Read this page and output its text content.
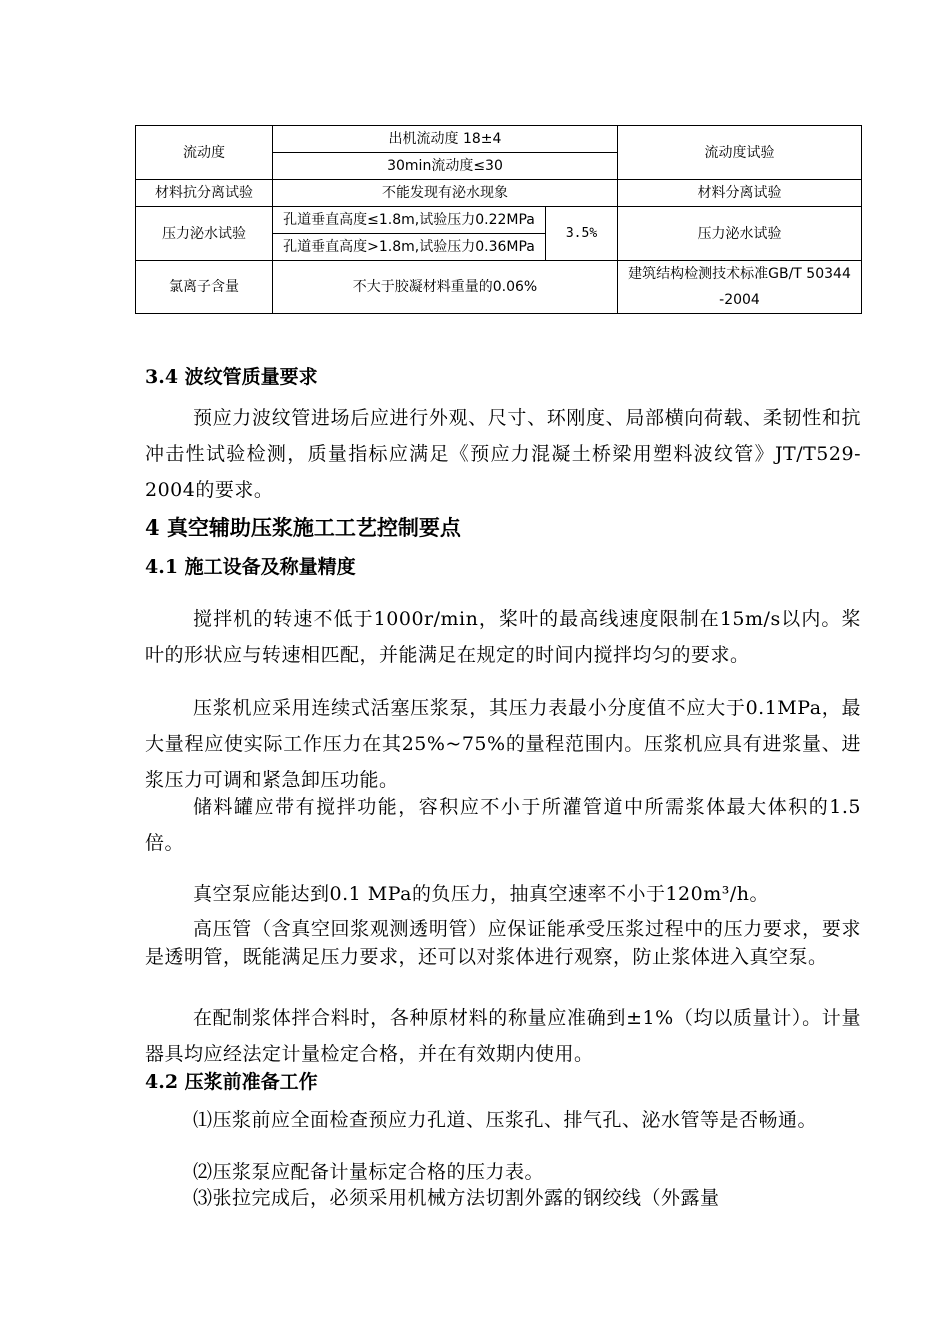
流动度	出机流动度 18±4		流动度试验
	30min流动度≤30		
材料抗分离试验	不能发现有泌水现象		材料分离试验
压力泌水试验	孔道垂直高度≤1.8m,试验压力0.22MPa	3.5%	压力泌水试验
	孔道垂直高度>1.8m,试验压力0.36MPa		
氯离子含量	不大于胶凝材料重量的0.06%		建筑结构检测技术标准GB/T 50344 -2004
3.4 波纹管质量要求
预应力波纹管进场后应进行外观、尺寸、环刚度、局部横向荷载、柔韧性和抗冲击性试验检测，质量指标应满足《预应力混凝土桥梁用塑料波纹管》JT/T529-2004的要求。
4 真空辅助压浆施工工艺控制要点
4.1 施工设备及称量精度
搅拌机的转速不低于1000r/min，桨叶的最高线速度限制在15m/s以内。桨叶的形状应与转速相匹配，并能满足在规定的时间内搅拌均匀的要求。
压浆机应采用连续式活塞压浆泵，其压力表最小分度值不应大于0.1MPa，最大量程应使实际工作压力在其25%~75%的量程范围内。压浆机应具有进浆量、进浆压力可调和紧急卸压功能。
储料罐应带有搅拌功能，容积应不小于所灌管道中所需浆体最大体积的1.5倍。
真空泵应能达到0.1 MPa的负压力，抽真空速率不小于120m³/h。
高压管（含真空回浆观测透明管）应保证能承受压浆过程中的压力要求，要求是透明管，既能满足压力要求，还可以对浆体进行观察，防止浆体进入真空泵。
在配制浆体拌合料时，各种原材料的称量应准确到±1%（均以质量计）。计量器具均应经法定计量检定合格，并在有效期内使用。
4.2 压浆前准备工作
⑴压浆前应全面检查预应力孔道、压浆孔、排气孔、泌水管等是否畅通。
⑵压浆泵应配备计量标定合格的压力表。
⑶张拉完成后，必须采用机械方法切割外露的钢绞线（外露量
